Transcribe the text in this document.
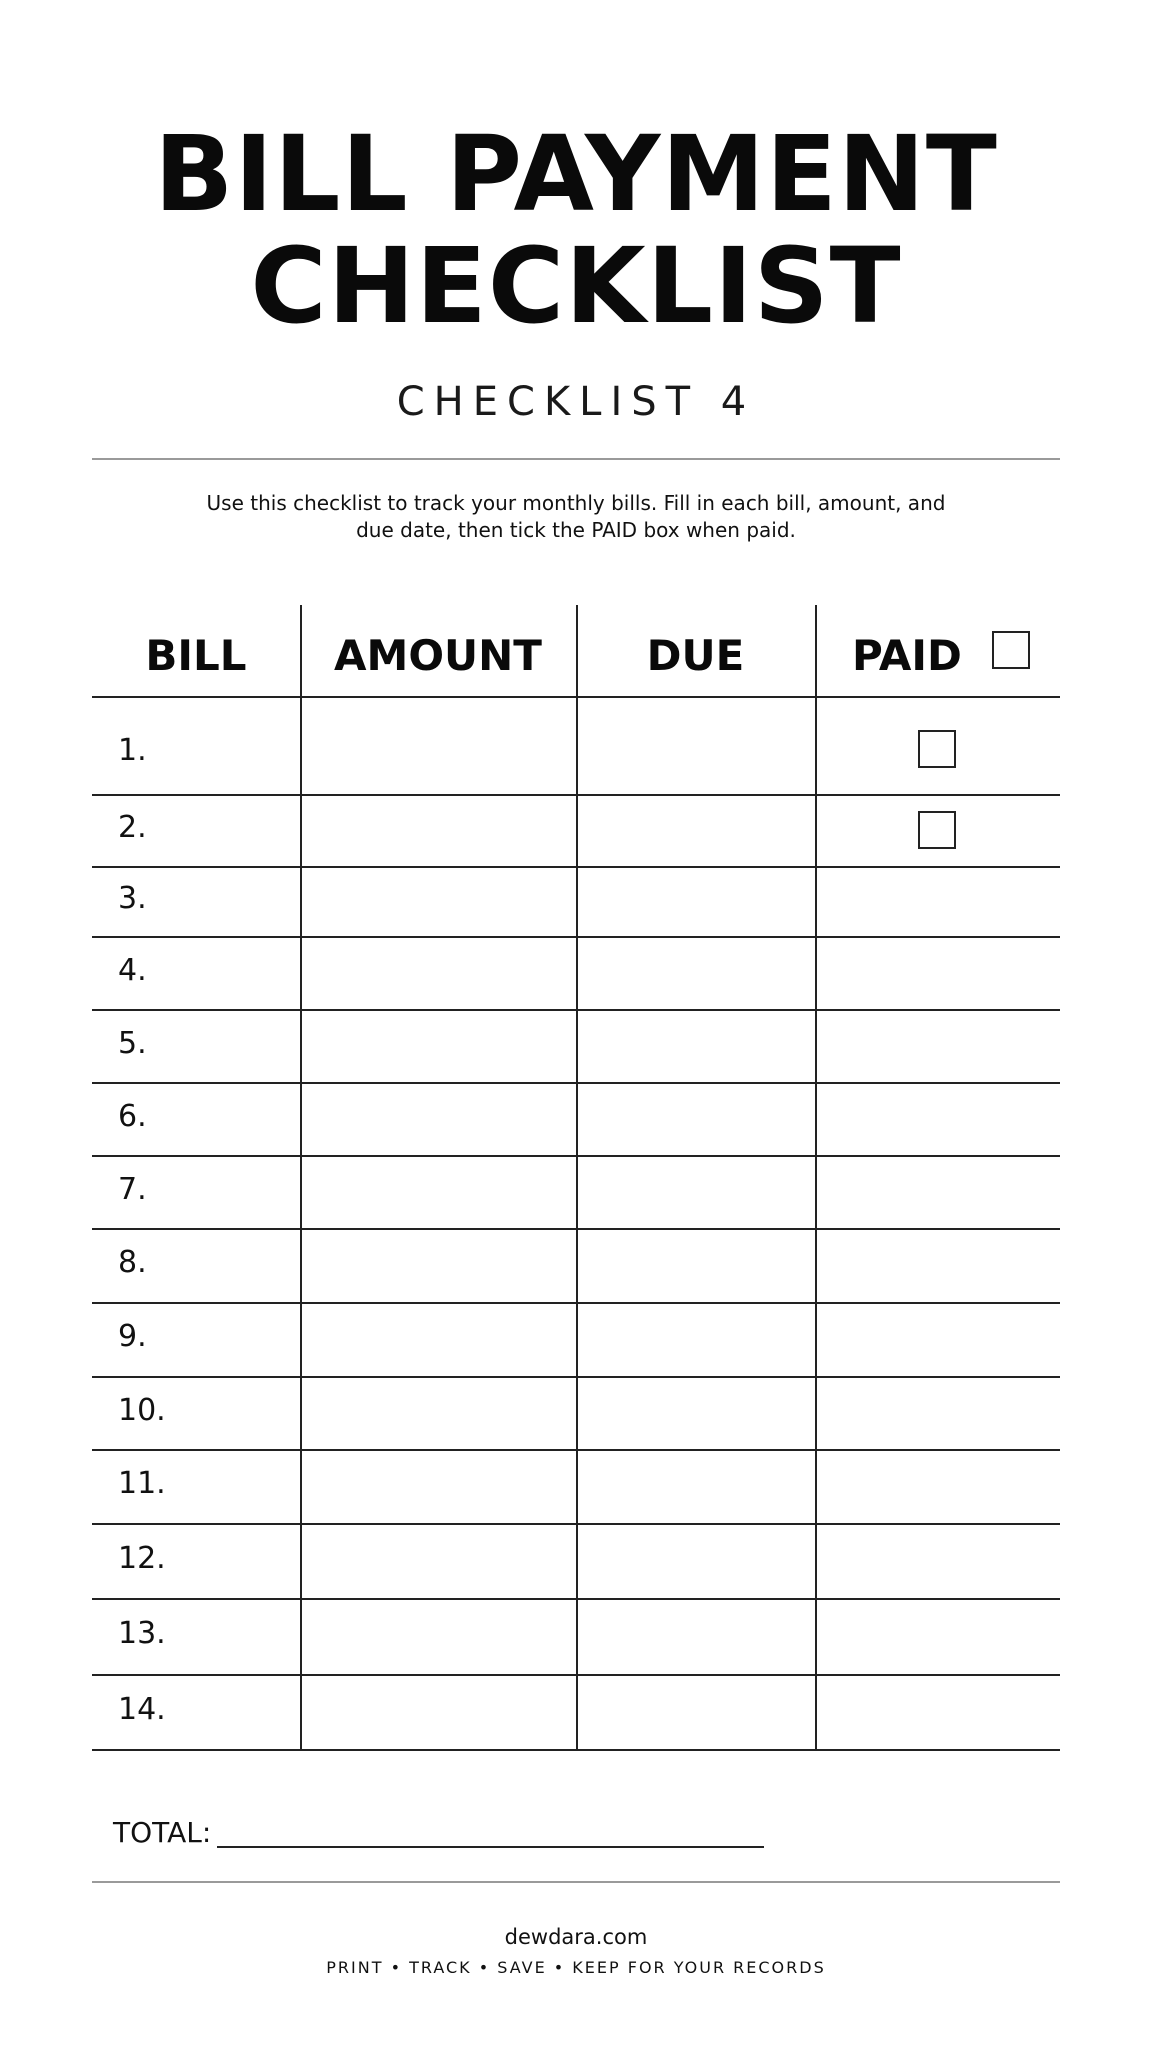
BILL PAYMENT
CHECKLIST
CHECKLIST 4
Use this checklist to track your monthly bills. Fill in each bill, amount, and
due date, then tick the PAID box when paid.
BILL	AMOUNT	DUE	PAID
1.
2.
3.
4.
5.
6.
7.
8.
9.
10.
11.
12.
13.
14.
TOTAL:
dewdara.com
PRINT • TRACK • SAVE • KEEP FOR YOUR RECORDS
